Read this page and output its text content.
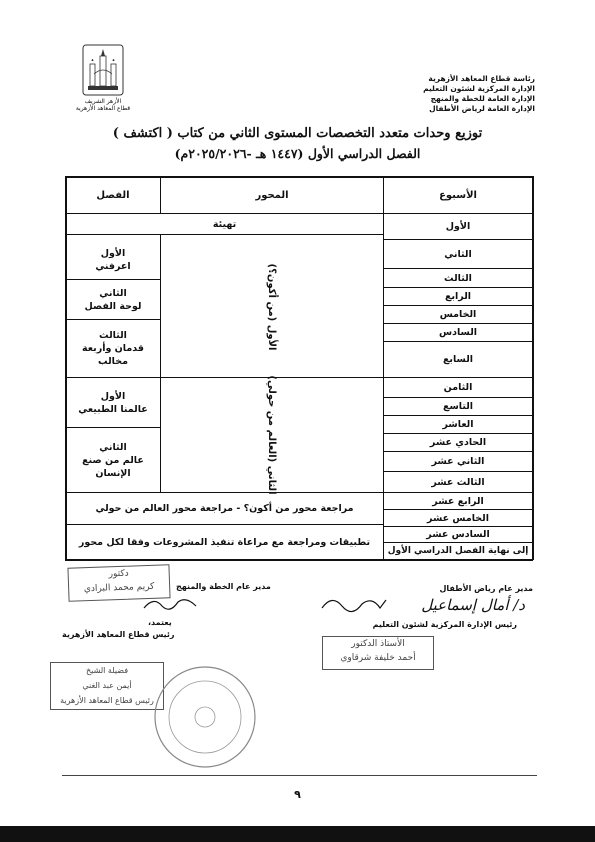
رئاسة قطاع المعاهد الأزهرية
الإدارة المركزية لشئون التعليم
الإدارة العامة للخطة والمنهج
الإدارة العامة لرياض الأطفال
الأزهر الشريف
قطاع المعاهد الأزهرية
توزيع وحدات متعدد التخصصات المستوى الثاني من كتاب ( اكتشف )
الفصل الدراسي الأول (١٤٤٧ هـ -٢٠٢٥/٢٠٢٦م)
الأسبوع
المحور
الفصل
تهيئة	الأول
الثاني
الثالث
الرابع
الخامس
السادس
السابع
الثامن
التاسع
العاشر
الحادي عشر
الثاني عشر
الثالث عشر
الرابع عشر
الخامس عشر
السادس عشر
إلى نهاية الفصل الدراسي الأول
الأول (من أكون؟)
الثاني (العالم من حولي)
الأول
اعرفني
الثاني
لوحة الفصل
الثالث
قدمان وأربعة مخالب
الأول
عالمنا الطبيعي
الثاني
عالم من صنع الإنسان
مراجعة محور من أكون؟ - مراجعة محور العالم من حولي
تطبيقات ومراجعة مع مراعاة تنفيذ المشروعات وفقا لكل محور
مدير عام رياض الأطفال
د/ أمال إسماعيل
رئيس الإدارة المركزية لشئون التعليم
الأستاذ الدكتور
أحمد خليفة شرقاوي
دكتور
كريم محمد البرادي	مدير عام الخطة والمنهج
يعتمد،
رئيس قطاع المعاهد الأزهرية
فضيلة الشيخ
أيمن عبد الغني
رئيس قطاع المعاهد الأزهرية
٩
